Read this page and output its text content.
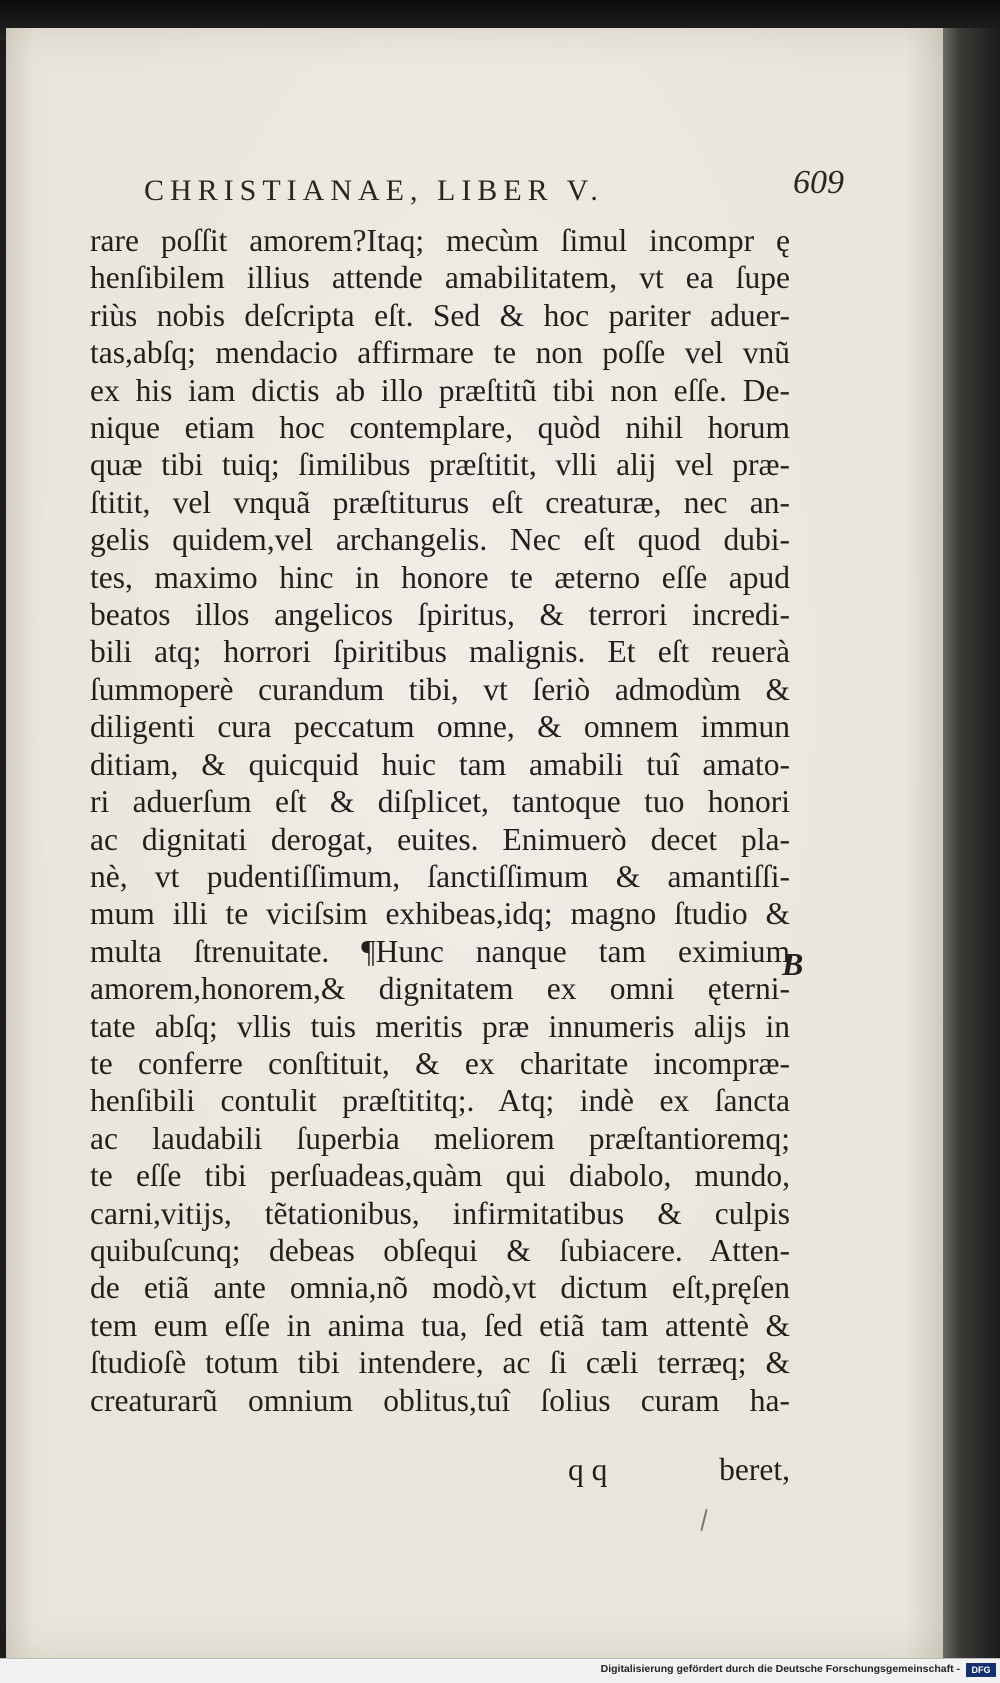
CHRISTIANAE, LIBER V.	609
rare poſſit amorem?Itaq; mecùm ſimul incompr ę
henſibilem illius attende amabilitatem, vt ea ſupe
riùs nobis deſcripta eſt. Sed & hoc pariter aduer-
tas,abſq; mendacio affirmare te non poſſe vel vnũ
ex his iam dictis ab illo præſtitũ tibi non eſſe. De-
nique etiam hoc contemplare, quòd nihil horum
quæ tibi tuiq; ſimilibus præſtitit, vlli alij vel præ-
ſtitit, vel vnquã præſtiturus eſt creaturæ, nec an-
gelis quidem,vel archangelis. Nec eſt quod dubi-
tes, maximo hinc in honore te æterno eſſe apud
beatos illos angelicos ſpiritus, & terrori incredi-
bili atq; horrori ſpiritibus malignis. Et eſt reuerà
ſummoperè curandum tibi, vt ſeriò admodùm &
diligenti cura peccatum omne, & omnem immun
ditiam, & quicquid huic tam amabili tuî amato-
ri aduerſum eſt & diſplicet, tantoque tuo honori
ac dignitati derogat, euites. Enimuerò decet pla-
nè, vt pudentiſſimum, ſanctiſſimum & amantiſſi-
mum illi te viciſsim exhibeas,idq; magno ſtudio &
multa ſtrenuitate. ¶Hunc nanque tam eximium
amorem,honorem,& dignitatem ex omni ęterni-
tate abſq; vllis tuis meritis præ innumeris alijs in
te conferre conſtituit, & ex charitate incompræ-
henſibili contulit præſtititq;. Atq; indè ex ſancta
ac laudabili ſuperbia meliorem præſtantioremq;
te eſſe tibi perſuadeas,quàm qui diabolo, mundo,
carni,vitijs, tẽtationibus, infirmitatibus & culpis
quibuſcunq; debeas obſequi & ſubiacere. Atten-
de etiã ante omnia,nõ modò,vt dictum eſt,pręſen
tem eum eſſe in anima tua, ſed etiã tam attentè &
ſtudioſè totum tibi intendere, ac ſi cæli terræq; &
creaturarũ omnium oblitus,tuî ſolius curam ha-
B
q q	beret,
Digitalisierung gefördert durch die Deutsche Forschungsgemeinschaft -	DFG
